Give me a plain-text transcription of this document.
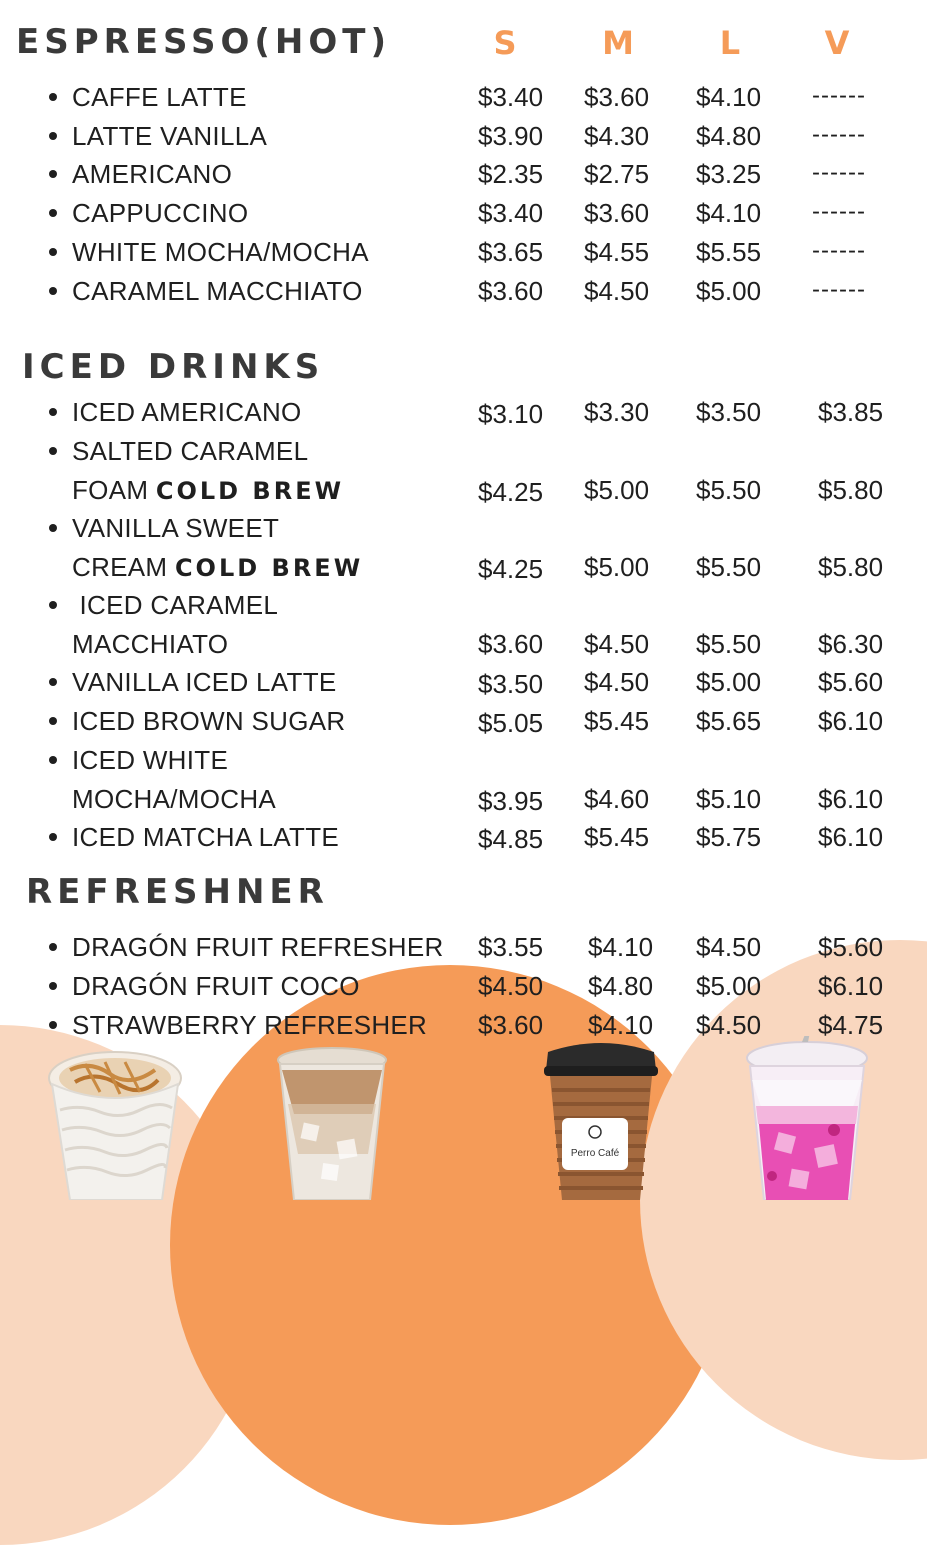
ESPRESSO(HOT)	S	M	L	V
CAFFE LATTE	$3.40 $3.60 $4.10 ------
LATTE VANILLA	$3.90 $4.30 $4.80 ------
AMERICANO	$2.35 $2.75 $3.25 ------
CAPPUCCINO	$3.40 $3.60 $4.10 ------
WHITE MOCHA/MOCHA	$3.65 $4.55 $5.55 ------
CARAMEL MACCHIATO	$3.60 $4.50 $5.00 ------
ICED DRINKS
ICED AMERICANO	$3.10 $3.30 $3.50 $3.85
SALTED CARAMEL
FOAM COLD BREW	$4.25 $5.00 $5.50 $5.80
VANILLA SWEET
CREAM COLD BREW	$4.25 $5.00 $5.50 $5.80
ICED CARAMEL
MACCHIATO	$3.60 $4.50 $5.50 $6.30
VANILLA ICED LATTE	$3.50 $4.50 $5.00 $5.60
ICED BROWN SUGAR	$5.05 $5.45 $5.65 $6.10
ICED WHITE
MOCHA/MOCHA	$3.95 $4.60 $5.10 $6.10
ICED MATCHA LATTE	$4.85 $5.45 $5.75 $6.10
REFRESHNER
DRAGÓN FRUIT REFRESHER $3.55 $4.10 $4.50 $5.60
DRAGÓN FRUIT COCO	$4.50 $4.80 $5.00 $6.10
STRAWBERRY REFRESHER $3.60 $4.10 $4.50 $4.75
Perro Café
